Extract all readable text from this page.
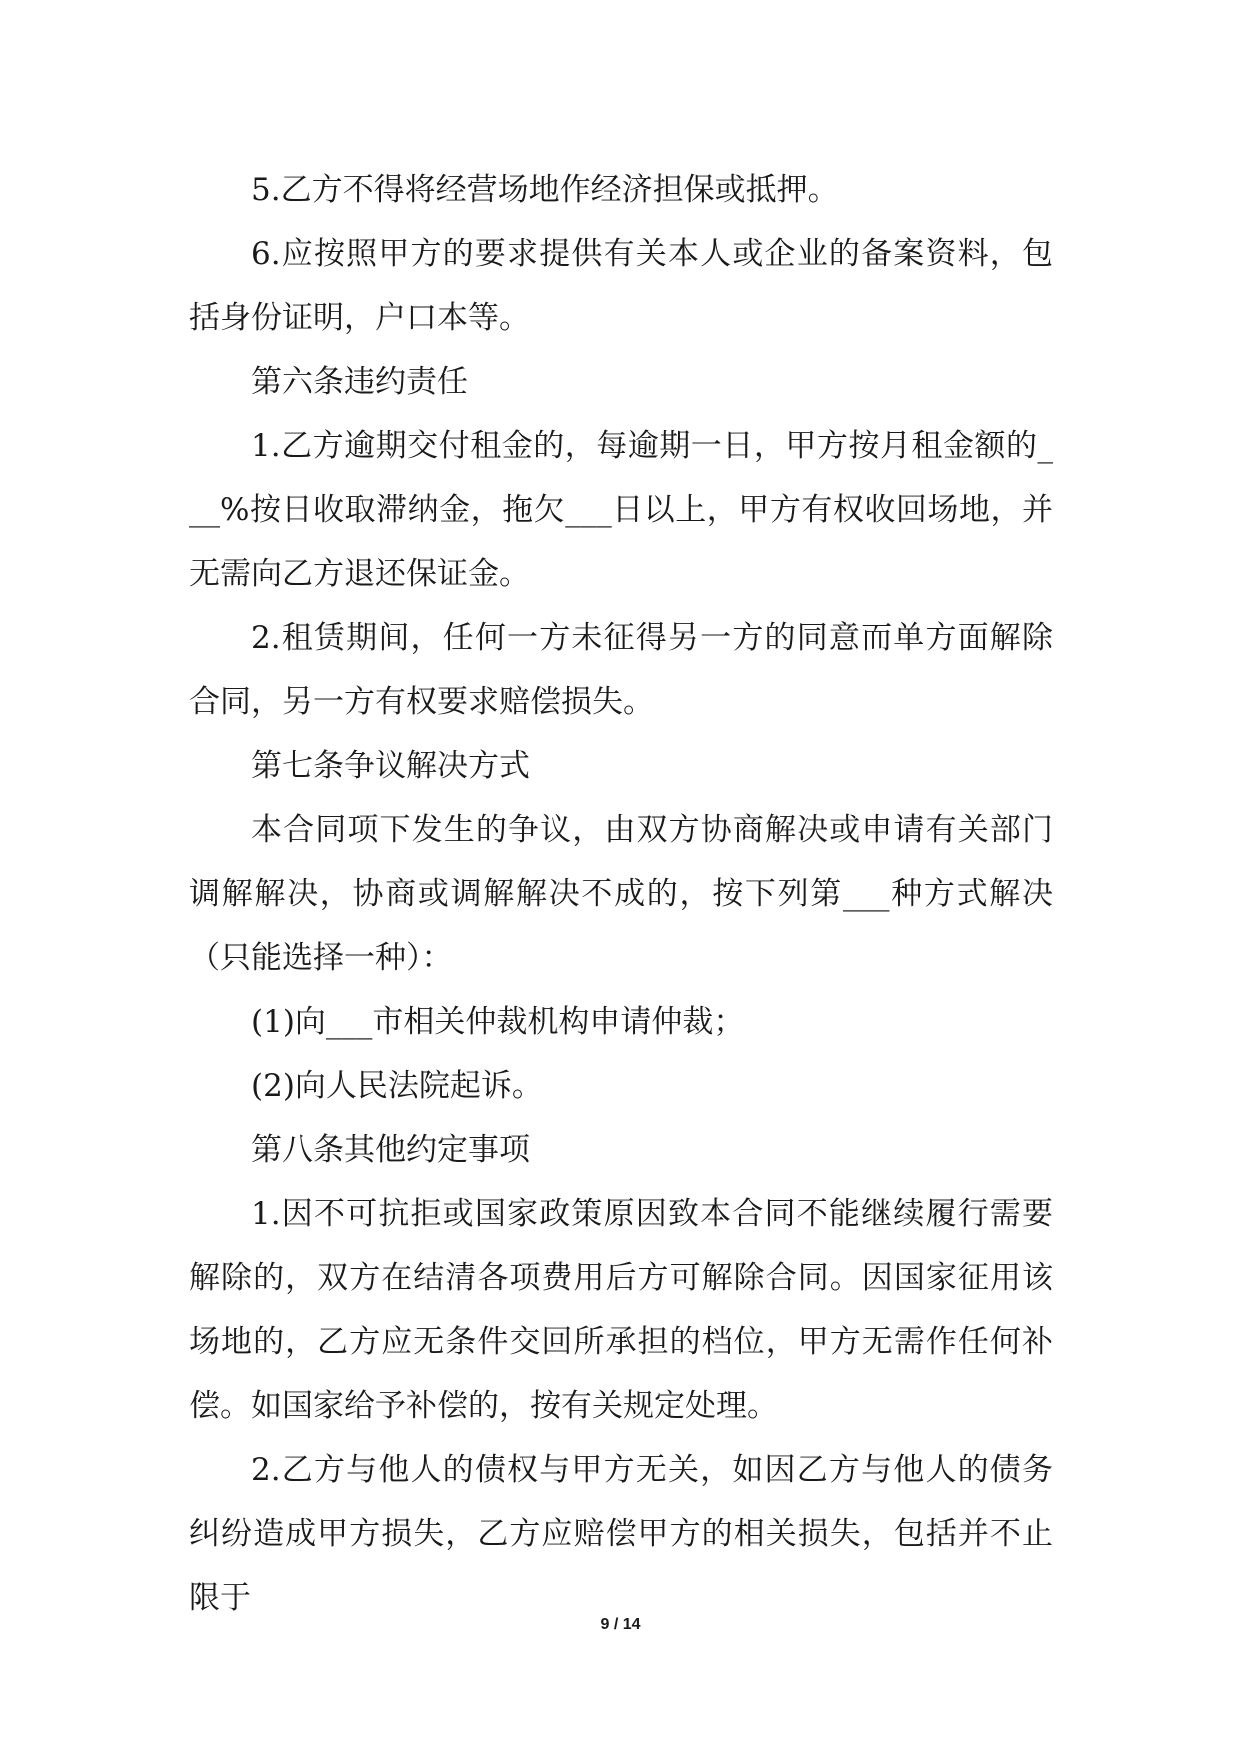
5.乙方不得将经营场地作经济担保或抵押。

6.应按照甲方的要求提供有关本人或企业的备案资料，包括身份证明，户口本等。

第六条违约责任

1.乙方逾期交付租金的，每逾期一日，甲方按月租金额的___%按日收取滞纳金，拖欠___日以上，甲方有权收回场地，并无需向乙方退还保证金。

2.租赁期间，任何一方未征得另一方的同意而单方面解除合同，另一方有权要求赔偿损失。

第七条争议解决方式

本合同项下发生的争议，由双方协商解决或申请有关部门调解解决，协商或调解解决不成的，按下列第___种方式解决（只能选择一种）：

(1)向___市相关仲裁机构申请仲裁；

(2)向人民法院起诉。

第八条其他约定事项

1.因不可抗拒或国家政策原因致本合同不能继续履行需要解除的，双方在结清各项费用后方可解除合同。因国家征用该场地的，乙方应无条件交回所承担的档位，甲方无需作任何补偿。如国家给予补偿的，按有关规定处理。

2.乙方与他人的债权与甲方无关，如因乙方与他人的债务纠纷造成甲方损失，乙方应赔偿甲方的相关损失，包括并不止限于

9 / 14
